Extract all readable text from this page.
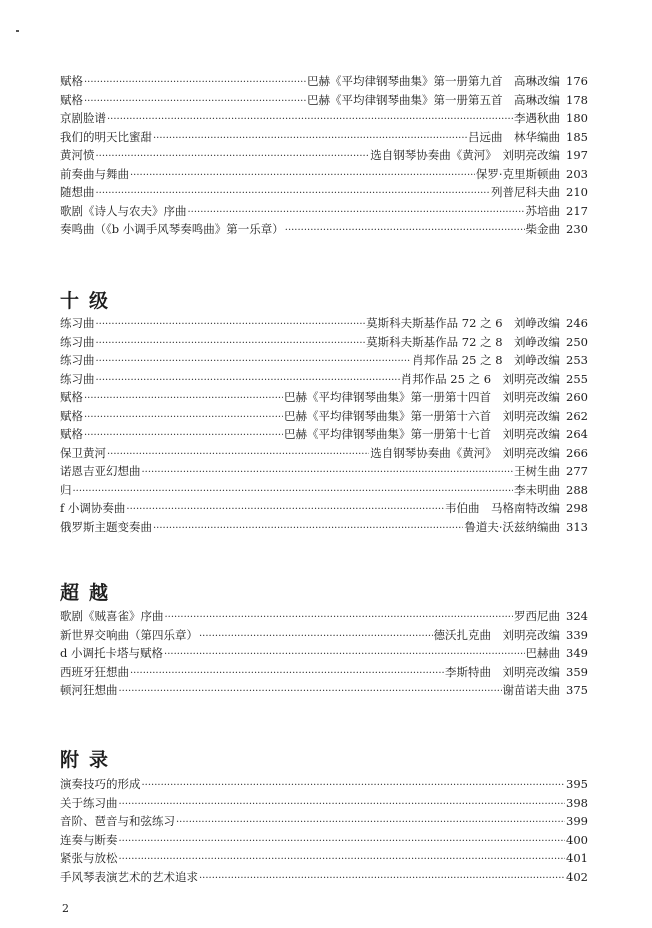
赋格 ·····	巴赫《平均律钢琴曲集》第一册第九首　高琳改编 176
赋格 ·····	巴赫《平均律钢琴曲集》第一册第五首　高琳改编 178
京剧脸谱 ·····	李遇秋曲 180
我们的明天比蜜甜 ·····	吕远曲　林华编曲 185
黄河愤 ·····	选自钢琴协奏曲《黄河》　刘明亮改编 197
前奏曲与舞曲 ·····	保罗·克里斯顿曲 203
随想曲 ·····	列普尼科夫曲 210
歌剧《诗人与农夫》序曲 ·····	苏培曲 217
奏鸣曲（《b 小调手风琴奏鸣曲》第一乐章） ·····	柴金曲 230
十级
练习曲 ·····	莫斯科夫斯基作品 72 之 6　刘峥改编 246
练习曲 ·····	莫斯科夫斯基作品 72 之 8　刘峥改编 250
练习曲 ·····	肖邦作品 25 之 8　刘峥改编 253
练习曲 ·····	肖邦作品 25 之 6　刘明亮改编 255
赋格 ·····	巴赫《平均律钢琴曲集》第一册第十四首　刘明亮改编 260
赋格 ·····	巴赫《平均律钢琴曲集》第一册第十六首　刘明亮改编 262
赋格 ·····	巴赫《平均律钢琴曲集》第一册第十七首　刘明亮改编 264
保卫黄河 ·····	选自钢琴协奏曲《黄河》　刘明亮改编 266
诺恩吉亚幻想曲 ·····	王树生曲 277
归 ·····	李未明曲 288
f 小调协奏曲 ·····	韦伯曲　马格南特改编 298
俄罗斯主题变奏曲 ·····	鲁道夫·沃兹纳编曲 313
超越
歌剧《贼喜雀》序曲 ·····	罗西尼曲 324
新世界交响曲（第四乐章） ·····	德沃扎克曲　刘明亮改编 339
d 小调托卡塔与赋格 ·····	巴赫曲 349
西班牙狂想曲 ·····	李斯特曲　刘明亮改编 359
顿河狂想曲 ·····	谢苗诺夫曲 375
附录
演奏技巧的形成 ·····	395
关于练习曲 ·····	398
音阶、琶音与和弦练习 ·····	399
连奏与断奏 ·····	400
紧张与放松 ·····	401
手风琴表演艺术的艺术追求 ·····	402
2
